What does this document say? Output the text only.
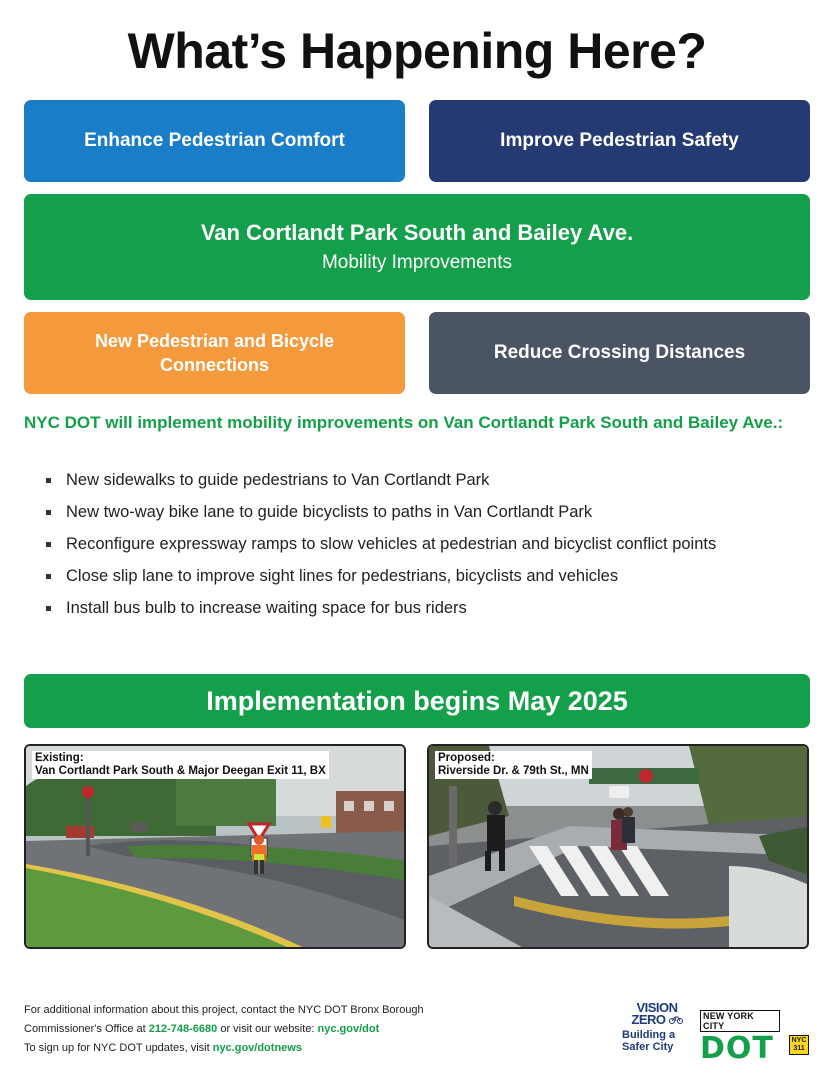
What’s Happening Here?
Enhance Pedestrian Comfort	Improve Pedestrian Safety
Van Cortlandt Park South and Bailey Ave.
Mobility Improvements
New Pedestrian and Bicycle Connections
Reduce Crossing Distances
NYC DOT will implement mobility improvements on Van Cortlandt Park South and Bailey Ave.:
New sidewalks to guide pedestrians to Van Cortlandt Park
New two-way bike lane to guide bicyclists to paths in Van Cortlandt Park
Reconfigure expressway ramps to slow vehicles at pedestrian and bicyclist conflict points
Close slip lane to improve sight lines for pedestrians, bicyclists and vehicles
Install bus bulb to increase waiting space for bus riders
Implementation begins May 2025
Existing:
Van Cortlandt Park South & Major Deegan Exit 11, BX
Proposed:
Riverside Dr. & 79th St., MN
For additional information about this project, contact the NYC DOT Bronx Borough
Commissioner's Office at 212-748-6680 or visit our website: nyc.gov/dot
To sign up for NYC DOT updates, visit nyc.gov/dotnews
VISION
ZERO
Building a
Safer City
NEW YORK CITY
DOT	NYC
311
